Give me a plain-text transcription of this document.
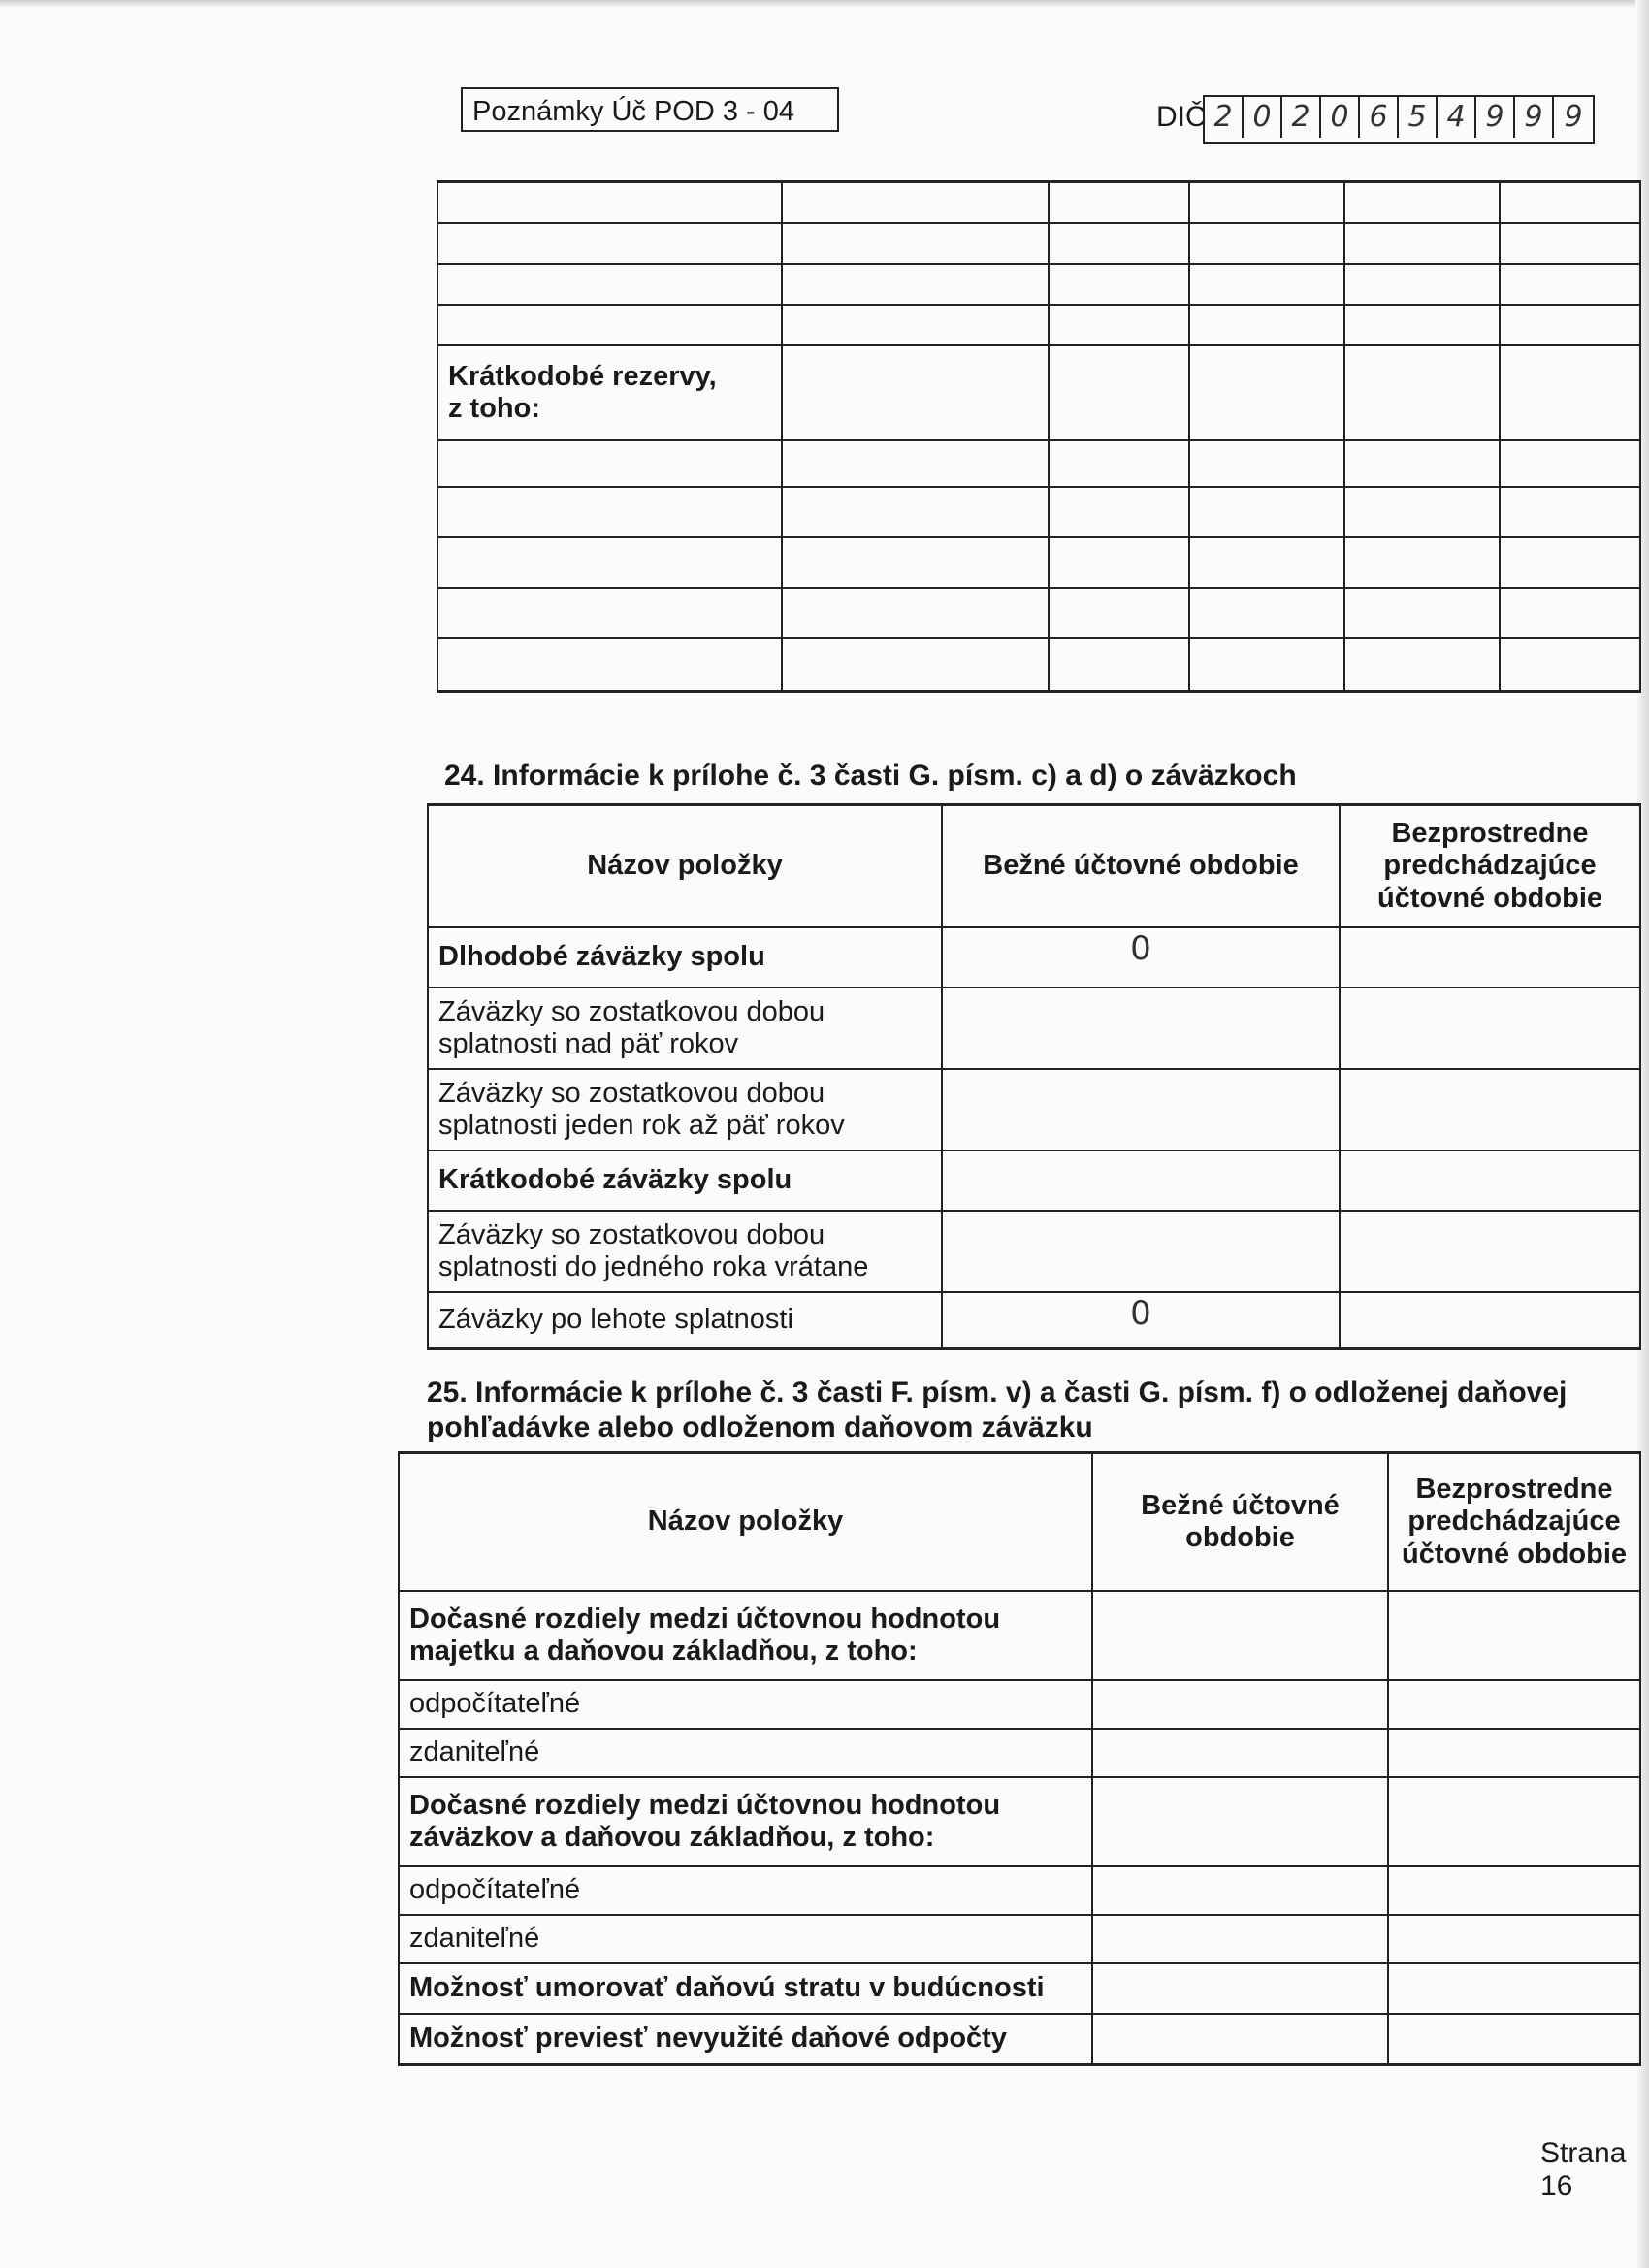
Poznámky Úč POD 3 - 04	DIČ 2 0 2 0 6 5 4 9 9 9

Krátkodobé rezervy,
z toho:					

24. Informácie k prílohe č. 3 časti G. písm. c) a d) o záväzkoch
Názov položky	Bežné účtovné obdobie	Bezprostredne predchádzajúce účtovné obdobie
Dlhodobé záväzky spolu	0	
Záväzky so zostatkovou dobou splatnosti nad päť rokov		
Záväzky so zostatkovou dobou splatnosti jeden rok až päť rokov		
Krátkodobé záväzky spolu		
Záväzky so zostatkovou dobou splatnosti do jedného roka vrátane		
Záväzky po lehote splatnosti	0	
25. Informácie k prílohe č. 3 časti F. písm. v) a časti G. písm. f) o odloženej daňovej pohľadávke alebo odloženom daňovom záväzku
Názov položky	Bežné účtovné obdobie	Bezprostredne predchádzajúce účtovné obdobie
Dočasné rozdiely medzi účtovnou hodnotou majetku a daňovou základňou, z toho:		
odpočítateľné		
zdaniteľné		
Dočasné rozdiely medzi účtovnou hodnotou záväzkov a daňovou základňou, z toho:		
odpočítateľné		
zdaniteľné		
Možnosť umorovať daňovú stratu v budúcnosti		
Možnosť previesť nevyužité daňové odpočty		
Strana 16
